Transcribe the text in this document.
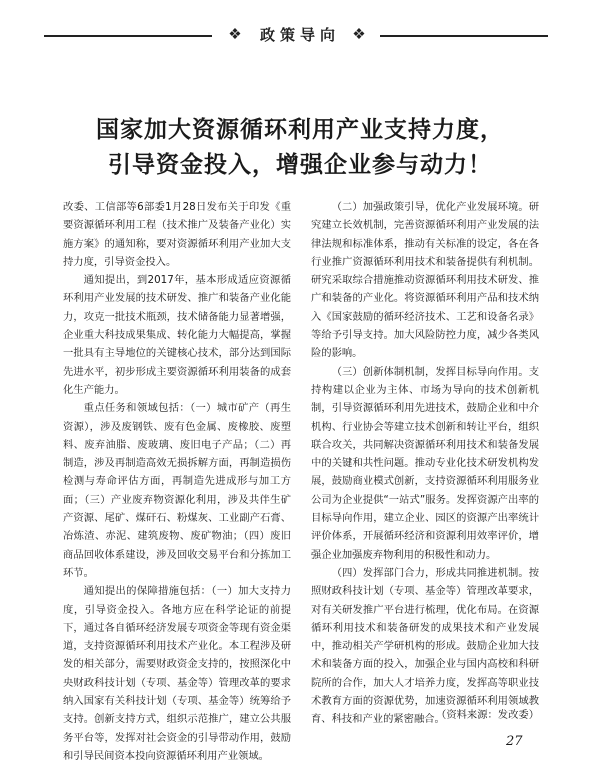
❖ 政策导向 ❖
国家加大资源循环利用产业支持力度，
引导资金投入，增强企业参与动力！

改委、工信部等6部委1月28日发布关于印发《重要资源循环利用工程（技术推广及装备产业化）实施方案》的通知称，要对资源循环利用产业加大支持力度，引导资金投入。

通知提出，到2017年，基本形成适应资源循环利用产业发展的技术研发、推广和装备产业化能力，攻克一批技术瓶颈，技术储备能力显著增强，企业重大科技成果集成、转化能力大幅提高，掌握一批具有主导地位的关键核心技术，部分达到国际先进水平，初步形成主要资源循环利用装备的成套化生产能力。

重点任务和领域包括：（一）城市矿产（再生资源），涉及废钢铁、废有色金属、废橡胶、废塑料、废弃油脂、废玻璃、废旧电子产品；（二）再制造，涉及再制造高效无损拆解方面，再制造损伤检测与寿命评估方面，再制造先进成形与加工方面；（三）产业废弃物资源化利用，涉及共伴生矿产资源、尾矿、煤矸石、粉煤灰、工业副产石膏、冶炼渣、赤泥、建筑废物、废矿物油；（四）废旧商品回收体系建设，涉及回收交易平台和分拣加工环节。

通知提出的保障措施包括：（一）加大支持力度，引导资金投入。各地方应在科学论证的前提下，通过各自循环经济发展专项资金等现有资金渠道，支持资源循环利用技术产业化。本工程涉及研发的相关部分，需要财政资金支持的，按照深化中央财政科技计划（专项、基金等）管理改革的要求纳入国家有关科技计划（专项、基金等）统筹给予支持。创新支持方式，组织示范推广，建立公共服务平台等，发挥对社会资金的引导带动作用，鼓励和引导民间资本投向资源循环利用产业领域。

（二）加强政策引导，优化产业发展环境。研究建立长效机制，完善资源循环利用产业发展的法律法规和标准体系，推动有关标准的设定，各在各行业推广资源循环利用技术和装备提供有利机制。研究采取综合措施推动资源循环利用技术研发、推广和装备的产业化。将资源循环利用产品和技术纳入《国家鼓励的循环经济技术、工艺和设备名录》等给予引导支持。加大风险防控力度，减少各类风险的影响。

（三）创新体制机制，发挥目标导向作用。支持构建以企业为主体、市场为导向的技术创新机制，引导资源循环利用先进技术，鼓励企业和中介机构、行业协会等建立技术创新和转让平台，组织联合攻关，共同解决资源循环利用技术和装备发展中的关键和共性问题。推动专业化技术研发机构发展，鼓励商业模式创新，支持资源循环利用服务业公司为企业提供“一站式”服务。发挥资源产出率的目标导向作用，建立企业、园区的资源产出率统计评价体系，开展循环经济和资源利用效率评价，增强企业加强废弃物利用的积极性和动力。

（四）发挥部门合力，形成共同推进机制。按照财政科技计划（专项、基金等）管理改革要求，对有关研发推广平台进行梳理，优化布局。在资源循环利用技术和装备研发的成果技术和产业发展中，推动相关产学研机构的形成。鼓励企业加大技术和装备方面的投入，加强企业与国内高校和科研院所的合作，加大人才培养力度，发挥高等职业技术教育方面的资源优势，加速资源循环利用领域教育、科技和产业的紧密融合。

（资料来源：发改委）
27
